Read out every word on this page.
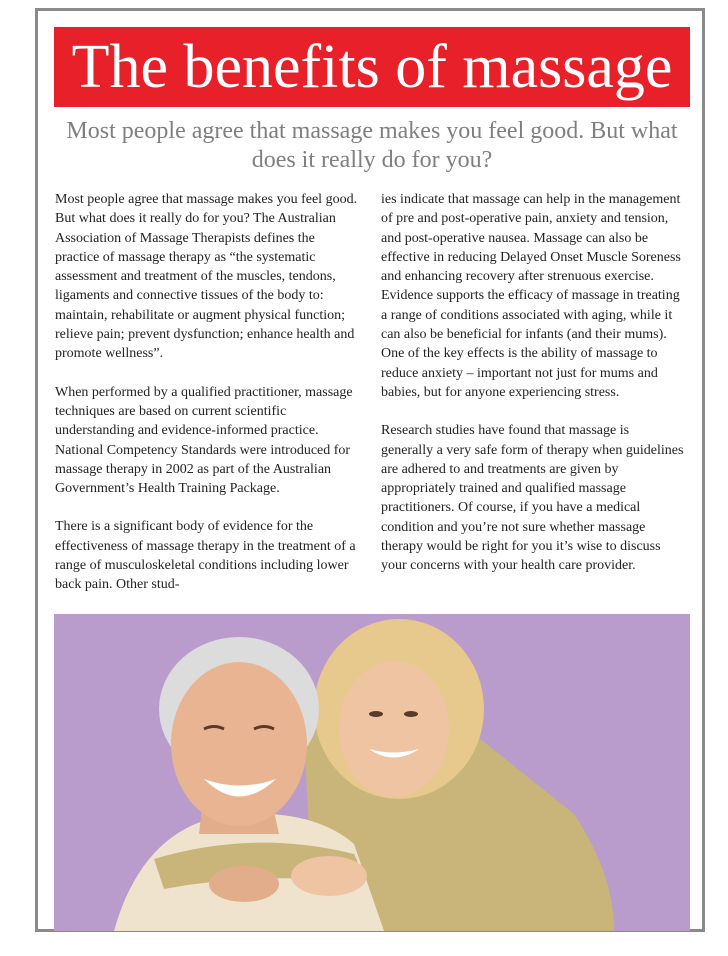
The benefits of massage

Most people agree that massage makes you feel good. But what does it really do for you?

Most people agree that massage makes you feel good. But what does it really do for you? The Australian Association of Massage Therapists defines the practice of massage therapy as “the systematic assessment and treatment of the muscles, tendons, ligaments and connective tissues of the body to: maintain, rehabilitate or augment physical function; relieve pain; prevent dysfunction; enhance health and promote wellness”.

When performed by a qualified practitioner, massage techniques are based on current scientific understanding and evidence-informed practice. National Competency Standards were introduced for massage therapy in 2002 as part of the Australian Government’s Health Training Package.

There is a significant body of evidence for the effectiveness of massage therapy in the treatment of a range of musculoskeletal conditions including lower back pain. Other stud-

ies indicate that massage can help in the management of pre and post-operative pain, anxiety and tension, and post-operative nausea. Massage can also be effective in reducing Delayed Onset Muscle Soreness and enhancing recovery after strenuous exercise. Evidence supports the efficacy of massage in treating a range of conditions associated with aging, while it can also be beneficial for infants (and their mums). One of the key effects is the ability of massage to reduce anxiety – important not just for mums and babies, but for anyone experiencing stress.

Research studies have found that massage is generally a very safe form of therapy when guidelines are adhered to and treatments are given by appropriately trained and qualified massage practitioners. Of course, if you have a medical condition and you’re not sure whether massage therapy would be right for you it’s wise to discuss your concerns with your health care provider.
